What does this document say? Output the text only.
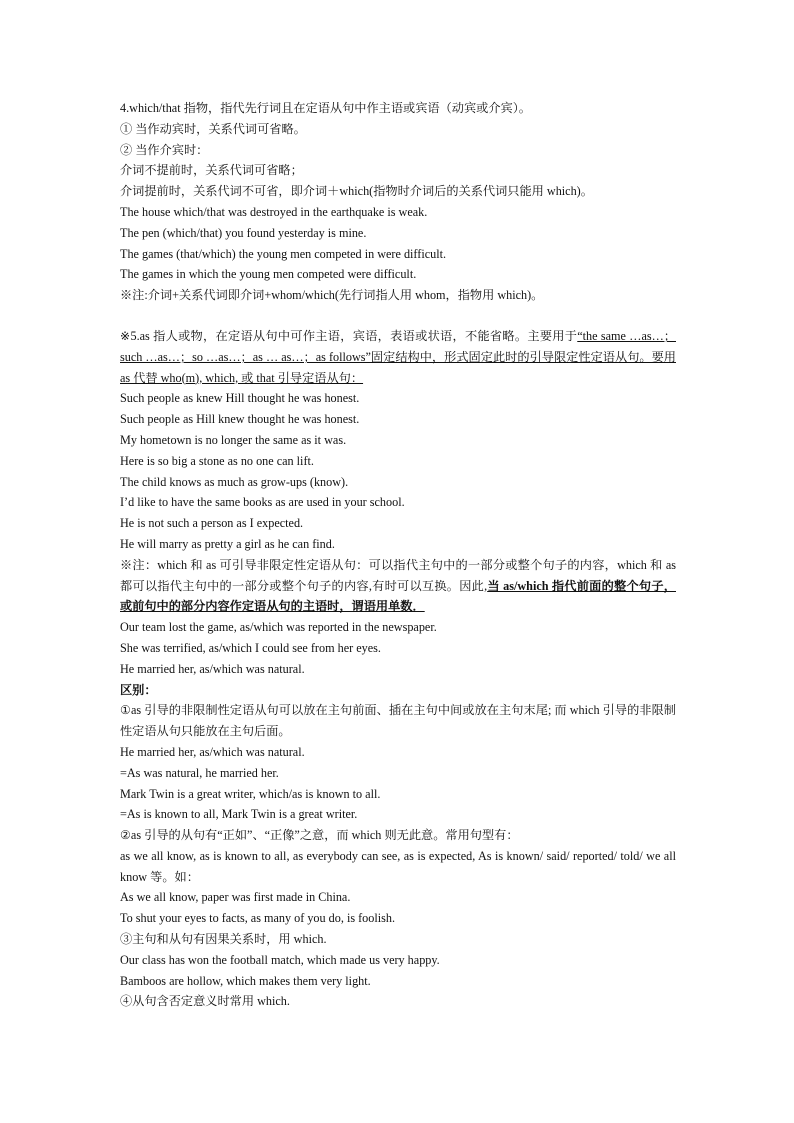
4.which/that 指物，指代先行词且在定语从句中作主语或宾语（动宾或介宾）。
① 当作动宾时，关系代词可省略。
② 当作介宾时：
介词不提前时，关系代词可省略；
介词提前时，关系代词不可省，即介词＋which(指物时介词后的关系代词只能用 which)。
The house which/that was destroyed in the earthquake is weak.
The pen (which/that) you found yesterday is mine.
The games (that/which) the young men competed in were difficult.
The games in which the young men competed were difficult.
※注:介词+关系代词即介词+whom/which(先行词指人用 whom，指物用 which)。
※5.as 指人或物，在定语从句中可作主语，宾语，表语或状语，不能省略。主要用于“the same …as…；such …as…；so …as…；as … as…；as follows”固定结构中，形式固定此时的引导限定性定语从句。要用 as 代替 who(m), which, 或 that 引导定语从句：
Such people as knew Hill thought he was honest.
Such people as Hill knew thought he was honest.
My hometown is no longer the same as it was.
Here is so big a stone as no one can lift.
The child knows as much as grow-ups (know).
I’d like to have the same books as are used in your school.
He is not such a person as I expected.
He will marry as pretty a girl as he can find.
※注：which 和 as 可引导非限定性定语从句：可以指代主句中的一部分或整个句子的内容，which 和 as 都可以指代主句中的一部分或整个句子的内容,有时可以互换。因此,当 as/which 指代前面的整个句子，或前句中的部分内容作定语从句的主语时，谓语用单数．
Our team lost the game, as/which was reported in the newspaper.
She was terrified, as/which I could see from her eyes.
He married her, as/which was natural.
区别：
①as 引导的非限制性定语从句可以放在主句前面、插在主句中间或放在主句末尾; 而 which 引导的非限制性定语从句只能放在主句后面。
He married her, as/which was natural.
=As was natural, he married her.
Mark Twin is a great writer, which/as is known to all.
=As is known to all, Mark Twin is a great writer.
②as 引导的从句有“正如”、“正像”之意，而 which 则无此意。常用句型有：
as we all know, as is known to all, as everybody can see, as is expected, As is known/ said/ reported/ told/ we all know 等。如：
As we all know, paper was first made in China.
To shut your eyes to facts, as many of you do, is foolish.
③主句和从句有因果关系时，用 which.
Our class has won the football match, which made us very happy.
Bamboos are hollow, which makes them very light.
④从句含否定意义时常用 which.
